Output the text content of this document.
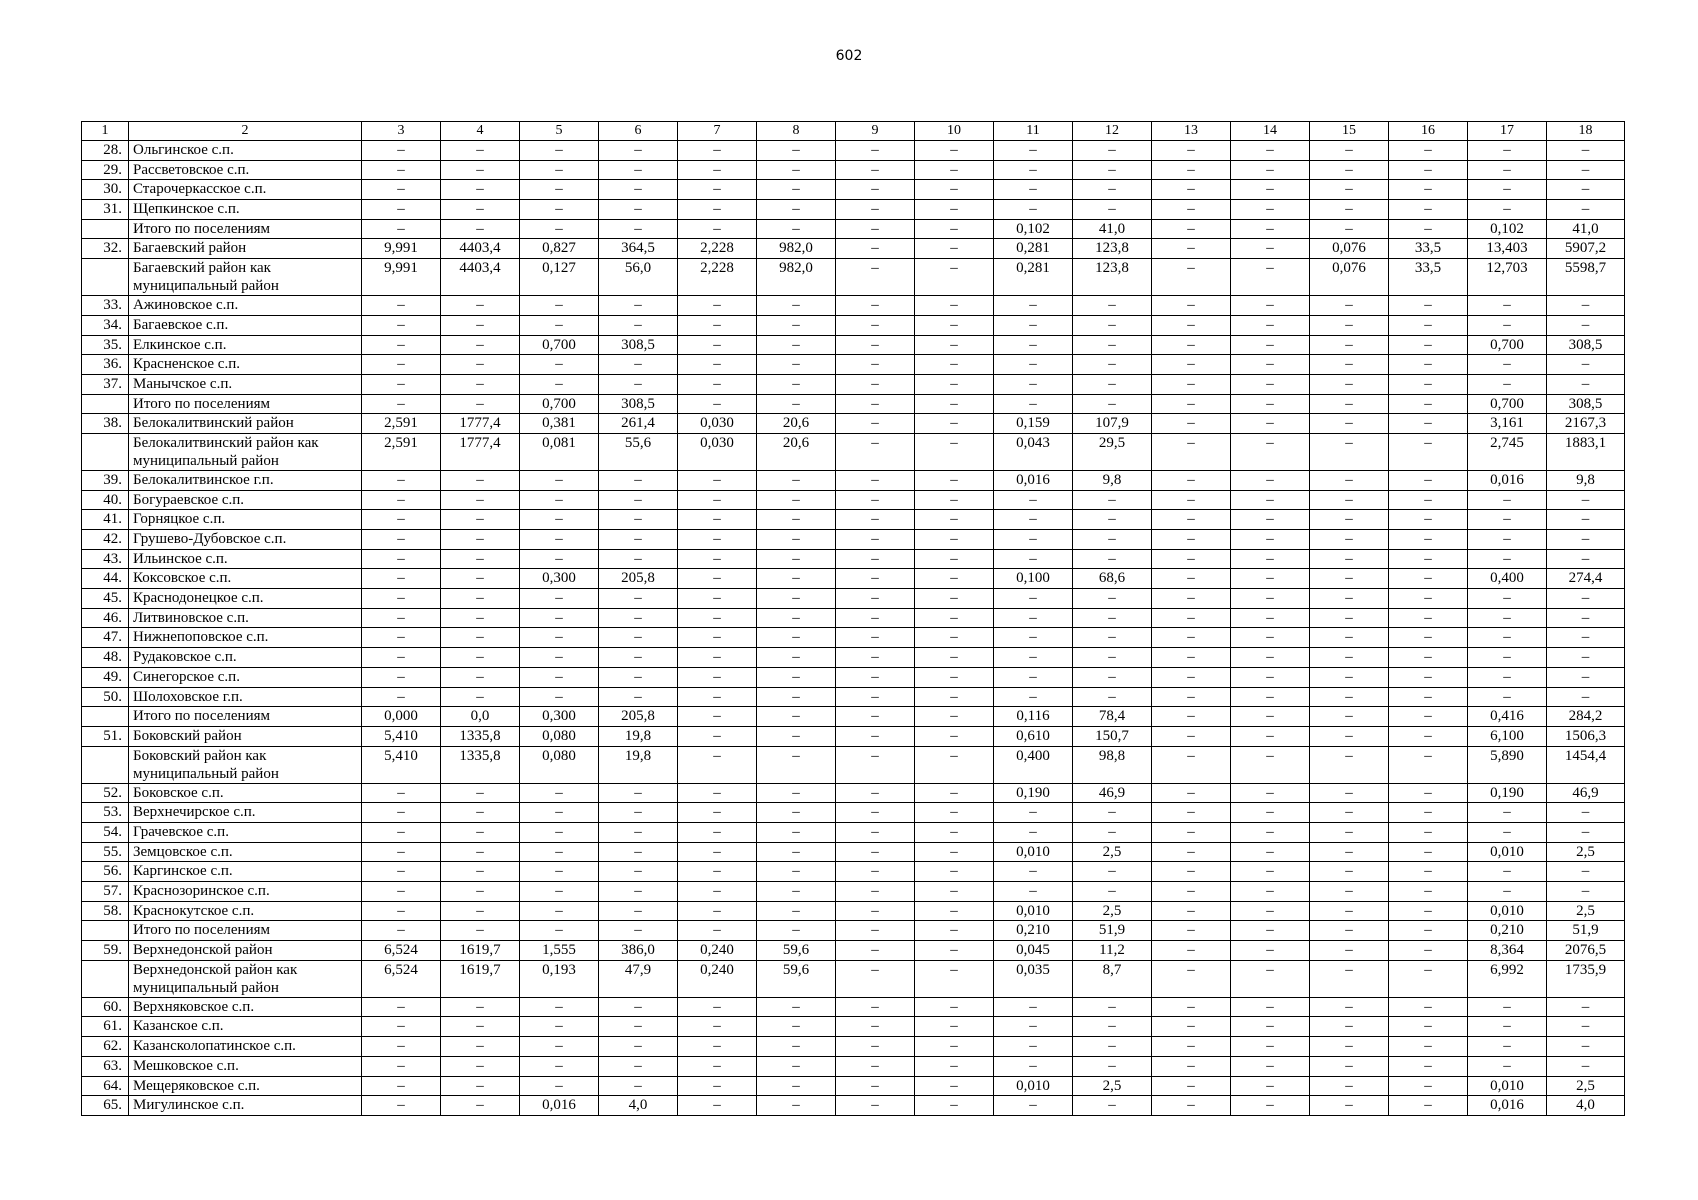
602
1	2	3	4	5	6	7	8	9	10	11	12	13	14	15	16	17	18
28.	Ольгинское с.п.	–	–	–	–	–	–	–	–	–	–	–	–	–	–	–	–
29.	Рассветовское с.п.	–	–	–	–	–	–	–	–	–	–	–	–	–	–	–	–
30.	Старочеркасское с.п.	–	–	–	–	–	–	–	–	–	–	–	–	–	–	–	–
31.	Щепкинское с.п.	–	–	–	–	–	–	–	–	–	–	–	–	–	–	–	–
	Итого по поселениям	–	–	–	–	–	–	–	–	0,102	41,0	–	–	–	–	0,102	41,0
32.	Багаевский район	9,991	4403,4	0,827	364,5	2,228	982,0	–	–	0,281	123,8	–	–	0,076	33,5	13,403	5907,2
	Багаевский район как муниципальный район	9,991	4403,4	0,127	56,0	2,228	982,0	–	–	0,281	123,8	–	–	0,076	33,5	12,703	5598,7
33.	Ажиновское с.п.	–	–	–	–	–	–	–	–	–	–	–	–	–	–	–	–
34.	Багаевское с.п.	–	–	–	–	–	–	–	–	–	–	–	–	–	–	–	–
35.	Елкинское с.п.	–	–	0,700	308,5	–	–	–	–	–	–	–	–	–	–	0,700	308,5
36.	Красненское с.п.	–	–	–	–	–	–	–	–	–	–	–	–	–	–	–	–
37.	Манычское с.п.	–	–	–	–	–	–	–	–	–	–	–	–	–	–	–	–
	Итого по поселениям	–	–	0,700	308,5	–	–	–	–	–	–	–	–	–	–	0,700	308,5
38.	Белокалитвинский район	2,591	1777,4	0,381	261,4	0,030	20,6	–	–	0,159	107,9	–	–	–	–	3,161	2167,3
	Белокалитвинский район как муниципальный район	2,591	1777,4	0,081	55,6	0,030	20,6	–	–	0,043	29,5	–	–	–	–	2,745	1883,1
39.	Белокалитвинское г.п.	–	–	–	–	–	–	–	–	0,016	9,8	–	–	–	–	0,016	9,8
40.	Богураевское с.п.	–	–	–	–	–	–	–	–	–	–	–	–	–	–	–	–
41.	Горняцкое с.п.	–	–	–	–	–	–	–	–	–	–	–	–	–	–	–	–
42.	Грушево-Дубовское с.п.	–	–	–	–	–	–	–	–	–	–	–	–	–	–	–	–
43.	Ильинское с.п.	–	–	–	–	–	–	–	–	–	–	–	–	–	–	–	–
44.	Коксовское с.п.	–	–	0,300	205,8	–	–	–	–	0,100	68,6	–	–	–	–	0,400	274,4
45.	Краснодонецкое с.п.	–	–	–	–	–	–	–	–	–	–	–	–	–	–	–	–
46.	Литвиновское с.п.	–	–	–	–	–	–	–	–	–	–	–	–	–	–	–	–
47.	Нижнепоповское с.п.	–	–	–	–	–	–	–	–	–	–	–	–	–	–	–	–
48.	Рудаковское с.п.	–	–	–	–	–	–	–	–	–	–	–	–	–	–	–	–
49.	Синегорское с.п.	–	–	–	–	–	–	–	–	–	–	–	–	–	–	–	–
50.	Шолоховское г.п.	–	–	–	–	–	–	–	–	–	–	–	–	–	–	–	–
	Итого по поселениям	0,000	0,0	0,300	205,8	–	–	–	–	0,116	78,4	–	–	–	–	0,416	284,2
51.	Боковский район	5,410	1335,8	0,080	19,8	–	–	–	–	0,610	150,7	–	–	–	–	6,100	1506,3
	Боковский район как муниципальный район	5,410	1335,8	0,080	19,8	–	–	–	–	0,400	98,8	–	–	–	–	5,890	1454,4
52.	Боковское с.п.	–	–	–	–	–	–	–	–	0,190	46,9	–	–	–	–	0,190	46,9
53.	Верхнечирское с.п.	–	–	–	–	–	–	–	–	–	–	–	–	–	–	–	–
54.	Грачевское с.п.	–	–	–	–	–	–	–	–	–	–	–	–	–	–	–	–
55.	Земцовское с.п.	–	–	–	–	–	–	–	–	0,010	2,5	–	–	–	–	0,010	2,5
56.	Каргинское с.п.	–	–	–	–	–	–	–	–	–	–	–	–	–	–	–	–
57.	Краснозоринское с.п.	–	–	–	–	–	–	–	–	–	–	–	–	–	–	–	–
58.	Краснокутское с.п.	–	–	–	–	–	–	–	–	0,010	2,5	–	–	–	–	0,010	2,5
	Итого по поселениям	–	–	–	–	–	–	–	–	0,210	51,9	–	–	–	–	0,210	51,9
59.	Верхнедонской район	6,524	1619,7	1,555	386,0	0,240	59,6	–	–	0,045	11,2	–	–	–	–	8,364	2076,5
	Верхнедонской район как муниципальный район	6,524	1619,7	0,193	47,9	0,240	59,6	–	–	0,035	8,7	–	–	–	–	6,992	1735,9
60.	Верхняковское с.п.	–	–	–	–	–	–	–	–	–	–	–	–	–	–	–	–
61.	Казанское с.п.	–	–	–	–	–	–	–	–	–	–	–	–	–	–	–	–
62.	Казансколопатинское с.п.	–	–	–	–	–	–	–	–	–	–	–	–	–	–	–	–
63.	Мешковское с.п.	–	–	–	–	–	–	–	–	–	–	–	–	–	–	–	–
64.	Мещеряковское с.п.	–	–	–	–	–	–	–	–	0,010	2,5	–	–	–	–	0,010	2,5
65.	Мигулинское с.п.	–	–	0,016	4,0	–	–	–	–	–	–	–	–	–	–	0,016	4,0
